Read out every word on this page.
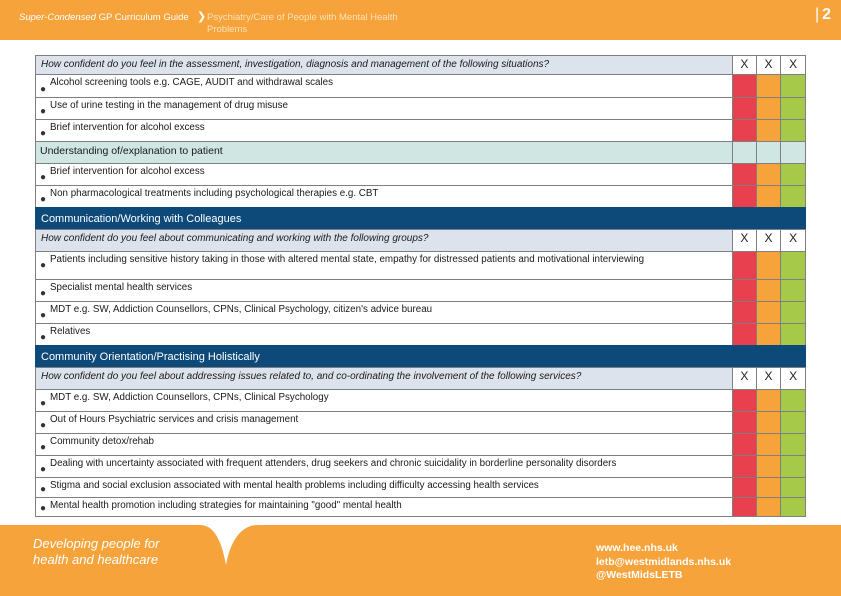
Super-Condensed GP Curriculum Guide ❯ Psychiatry/Care of People with Mental Health Problems
| 2
How confident do you feel in the assessment, investigation, diagnosis and management of the following situations?	X	X	X
●
Alcohol screening tools e.g. CAGE, AUDIT and withdrawal scales
●
Use of urine testing in the management of drug misuse
●
Brief intervention for alcohol excess
Understanding of/explanation to patient
●
Brief intervention for alcohol excess
●
Non pharmacological treatments including psychological therapies e.g. CBT
Communication/Working with Colleagues
How confident do you feel about communicating and working with the following groups?	X	X	X
●
Patients including sensitive history taking in those with altered mental state, empathy for distressed patients and motivational interviewing
●
Specialist mental health services
●
MDT e.g. SW, Addiction Counsellors, CPNs, Clinical Psychology, citizen's advice bureau
●
Relatives
Community Orientation/Practising Holistically
How confident do you feel about addressing issues related to, and co-ordinating the involvement of the following services?	X	X	X
●
MDT e.g. SW, Addiction Counsellors, CPNs, Clinical Psychology
●
Out of Hours Psychiatric services and crisis management
●
Community detox/rehab
●
Dealing with uncertainty associated with frequent attenders, drug seekers and chronic suicidality in borderline personality disorders
● Stigma and social exclusion associated with mental health problems including difficulty accessing health services
● Mental health promotion including strategies for maintaining "good" mental health
Developing people for health and healthcare
www.hee.nhs.uk
letb@westmidlands.nhs.uk
@WestMidsLETB
